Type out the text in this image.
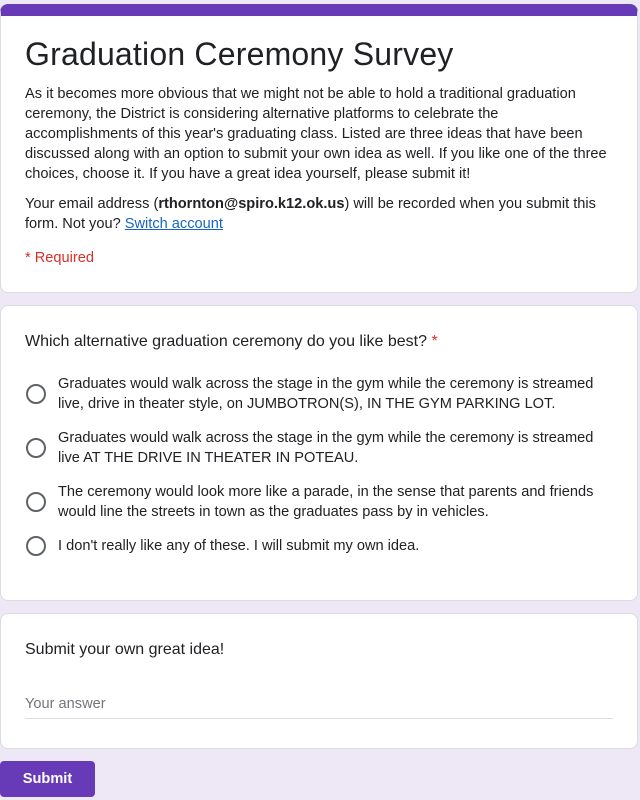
Graduation Ceremony Survey

As it becomes more obvious that we might not be able to hold a traditional graduation ceremony, the District is considering alternative platforms to celebrate the accomplishments of this year's graduating class. Listed are three ideas that have been discussed along with an option to submit your own idea as well. If you like one of the three choices, choose it. If you have a great idea yourself, please submit it!

Your email address (rthornton@spiro.k12.ok.us) will be recorded when you submit this form. Not you? Switch account

* Required

Which alternative graduation ceremony do you like best? *
Graduates would walk across the stage in the gym while the ceremony is streamed live, drive in theater style, on JUMBOTRON(S), IN THE GYM PARKING LOT.
Graduates would walk across the stage in the gym while the ceremony is streamed live AT THE DRIVE IN THEATER IN POTEAU.
The ceremony would look more like a parade, in the sense that parents and friends would line the streets in town as the graduates pass by in vehicles.
I don't really like any of these. I will submit my own idea.
Submit your own great idea!
Your answer
Submit
